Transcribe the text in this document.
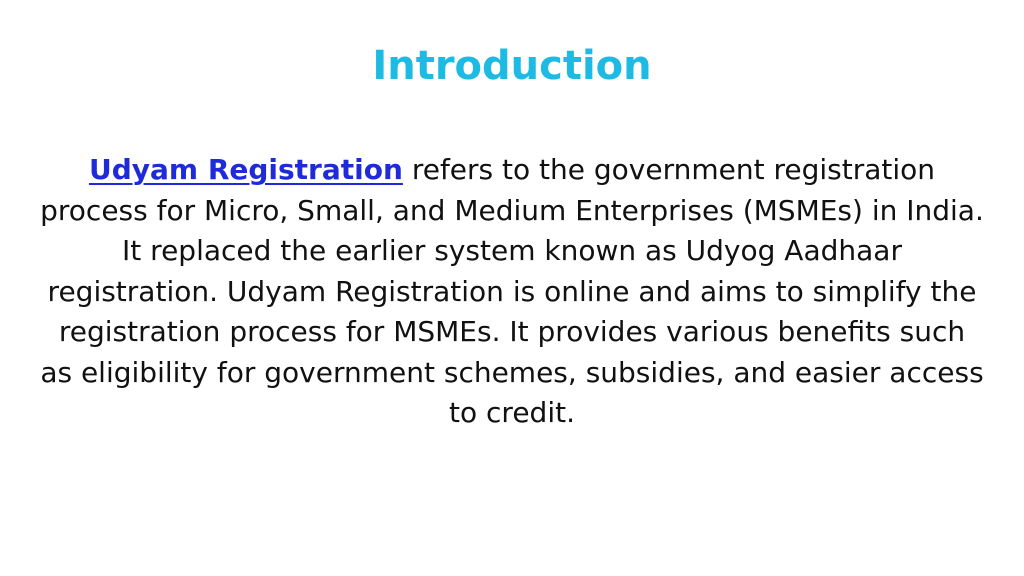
Introduction

Udyam Registration refers to the government registration process for Micro, Small, and Medium Enterprises (MSMEs) in India. It replaced the earlier system known as Udyog Aadhaar registration. Udyam Registration is online and aims to simplify the registration process for MSMEs. It provides various benefits such as eligibility for government schemes, subsidies, and easier access to credit.
